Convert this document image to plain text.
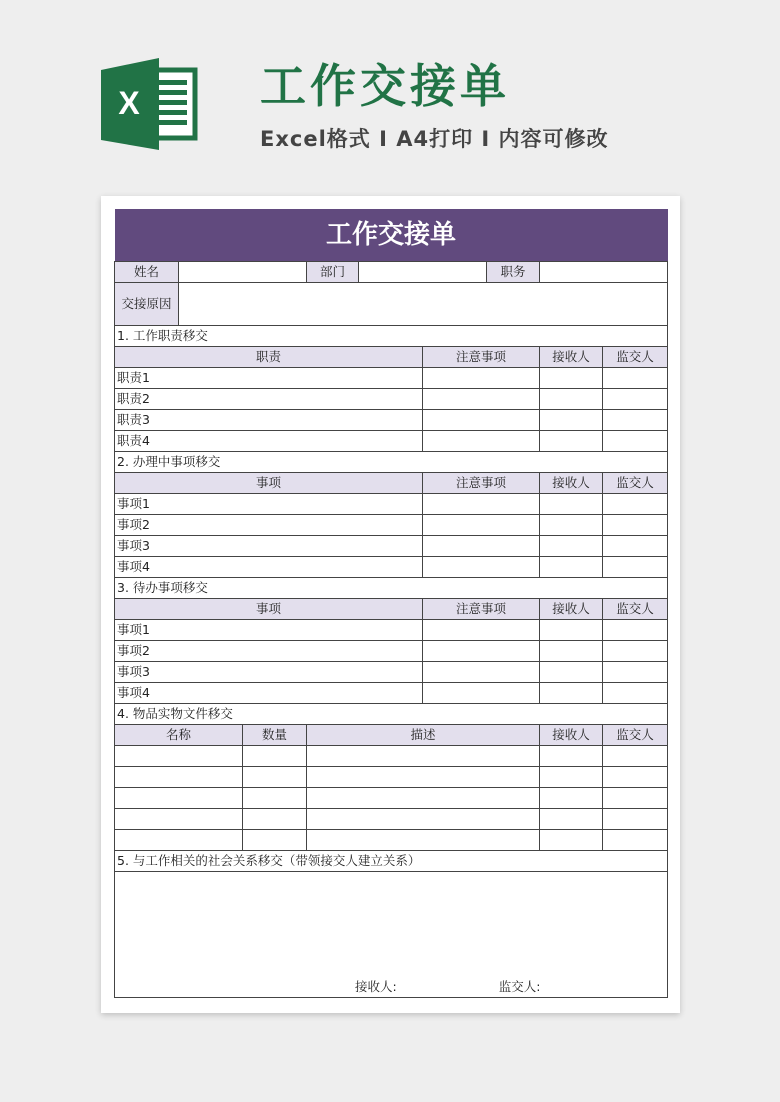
X	工作交接单
Excel格式 I A4打印 I 内容可修改
工作交接单								
姓名			部门			职务		
交接原因								
1. 工作职责移交								
职责					注意事项		接收人	监交人
职责1								
职责2								
职责3								
职责4								
2. 办理中事项移交								
事项					注意事项		接收人	监交人
事项1								
事项2								
事项3								
事项4								
3. 待办事项移交								
事项					注意事项		接收人	监交人
事项1								
事项2								
事项3								
事项4								
4. 物品实物文件移交								
名称		数量	描述				接收人	监交人

5. 与工作相关的社会关系移交（带领接交人建立关系）								
接收人: 监交人:								
